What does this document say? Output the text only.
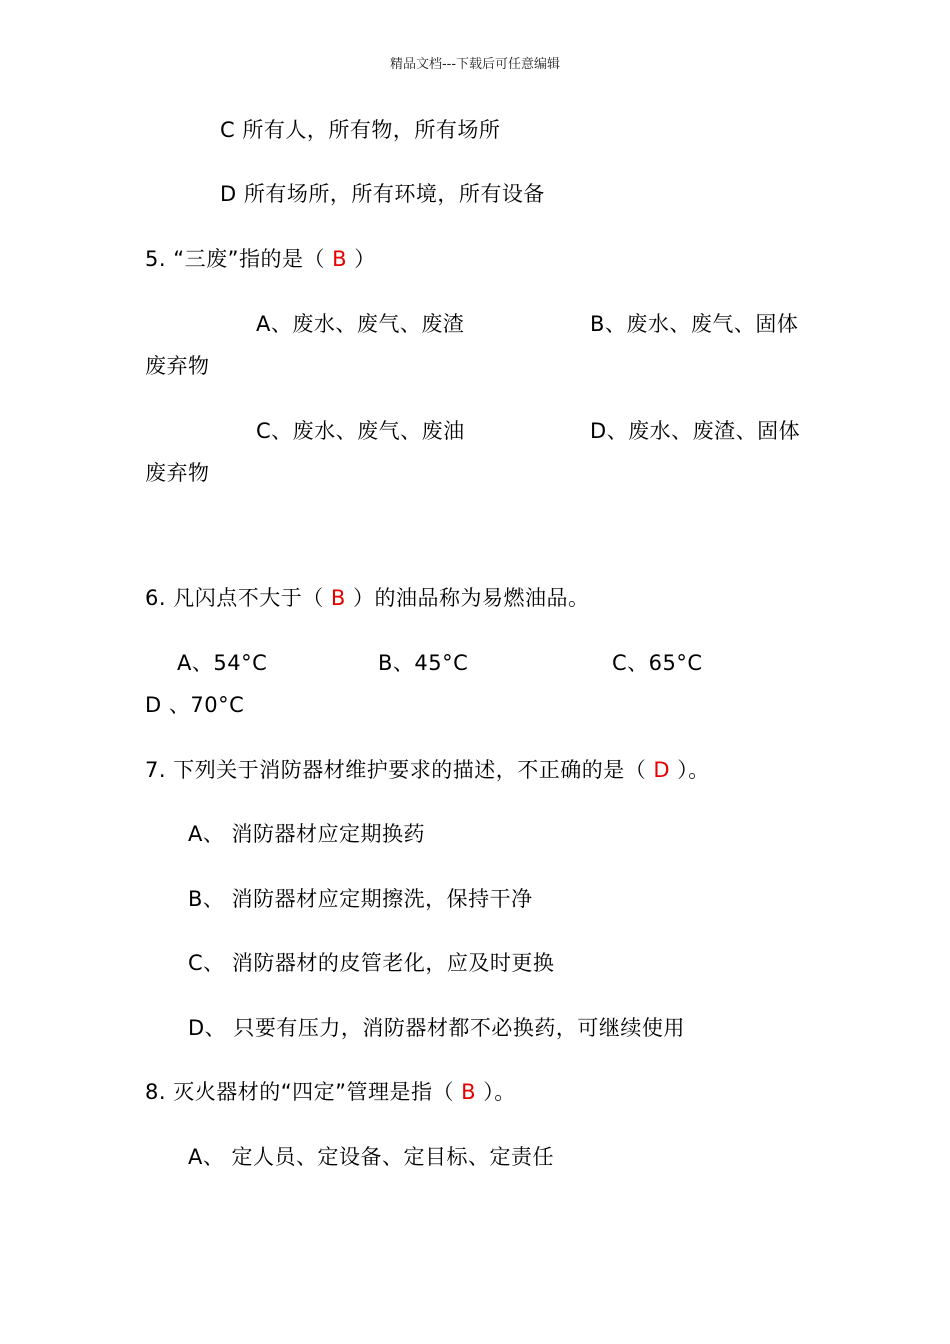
精品文档---下载后可任意编辑
C 所有人，所有物，所有场所
D 所有场所，所有环境，所有设备
5. “三废”指的是（ B ）
A、废水、废气、废渣	B、废水、废气、固体
废弃物
C、废水、废气、废油	D、废水、废渣、固体
废弃物
6. 凡闪点不大于（ B ）的油品称为易燃油品。
A、54°C	B、45°C	C、65°C
D 、70°C
7. 下列关于消防器材维护要求的描述，不正确的是（ D ）。
A、 消防器材应定期换药
B、 消防器材应定期擦洗，保持干净
C、 消防器材的皮管老化，应及时更换
D、 只要有压力，消防器材都不必换药，可继续使用
8. 灭火器材的“四定”管理是指（ B ）。
A、 定人员、定设备、定目标、定责任
